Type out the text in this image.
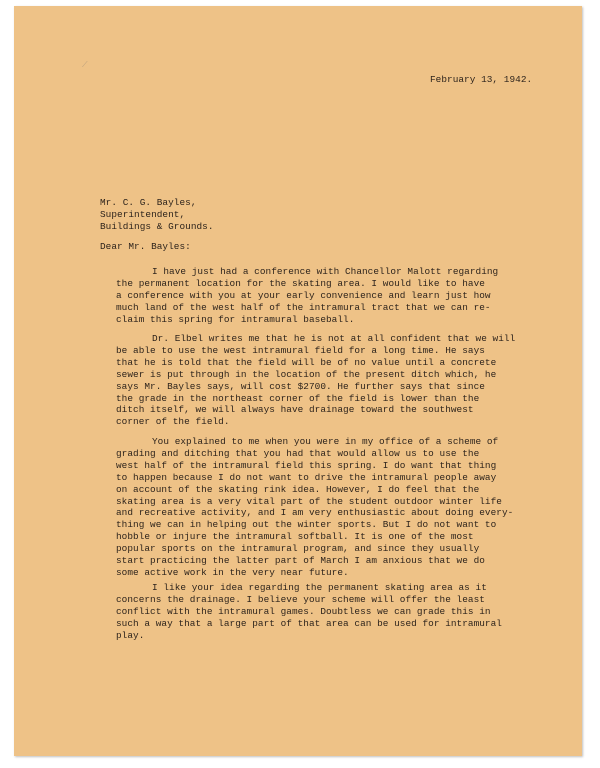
February 13, 1942.
Mr. C. G. Bayles,
Superintendent,
Buildings & Grounds.
Dear Mr. Bayles:
I have just had a conference with Chancellor Malott regarding
the permanent location for the skating area. I would like to have
a conference with you at your early convenience and learn just how
much land of the west half of the intramural tract that we can re-
claim this spring for intramural baseball.
Dr. Elbel writes me that he is not at all confident that we will
be able to use the west intramural field for a long time. He says
that he is told that the field will be of no value until a concrete
sewer is put through in the location of the present ditch which, he
says Mr. Bayles says, will cost $2700. He further says that since
the grade in the northeast corner of the field is lower than the
ditch itself, we will always have drainage toward the southwest
corner of the field.
You explained to me when you were in my office of a scheme of
grading and ditching that you had that would allow us to use the
west half of the intramural field this spring. I do want that thing
to happen because I do not want to drive the intramural people away
on account of the skating rink idea. However, I do feel that the
skating area is a very vital part of the student outdoor winter life
and recreative activity, and I am very enthusiastic about doing every-
thing we can in helping out the winter sports. But I do not want to
hobble or injure the intramural softball. It is one of the most
popular sports on the intramural program, and since they usually
start practicing the latter part of March I am anxious that we do
some active work in the very near future.
I like your idea regarding the permanent skating area as it
concerns the drainage. I believe your scheme will offer the least
conflict with the intramural games. Doubtless we can grade this in
such a way that a large part of that area can be used for intramural
play.
⟋
